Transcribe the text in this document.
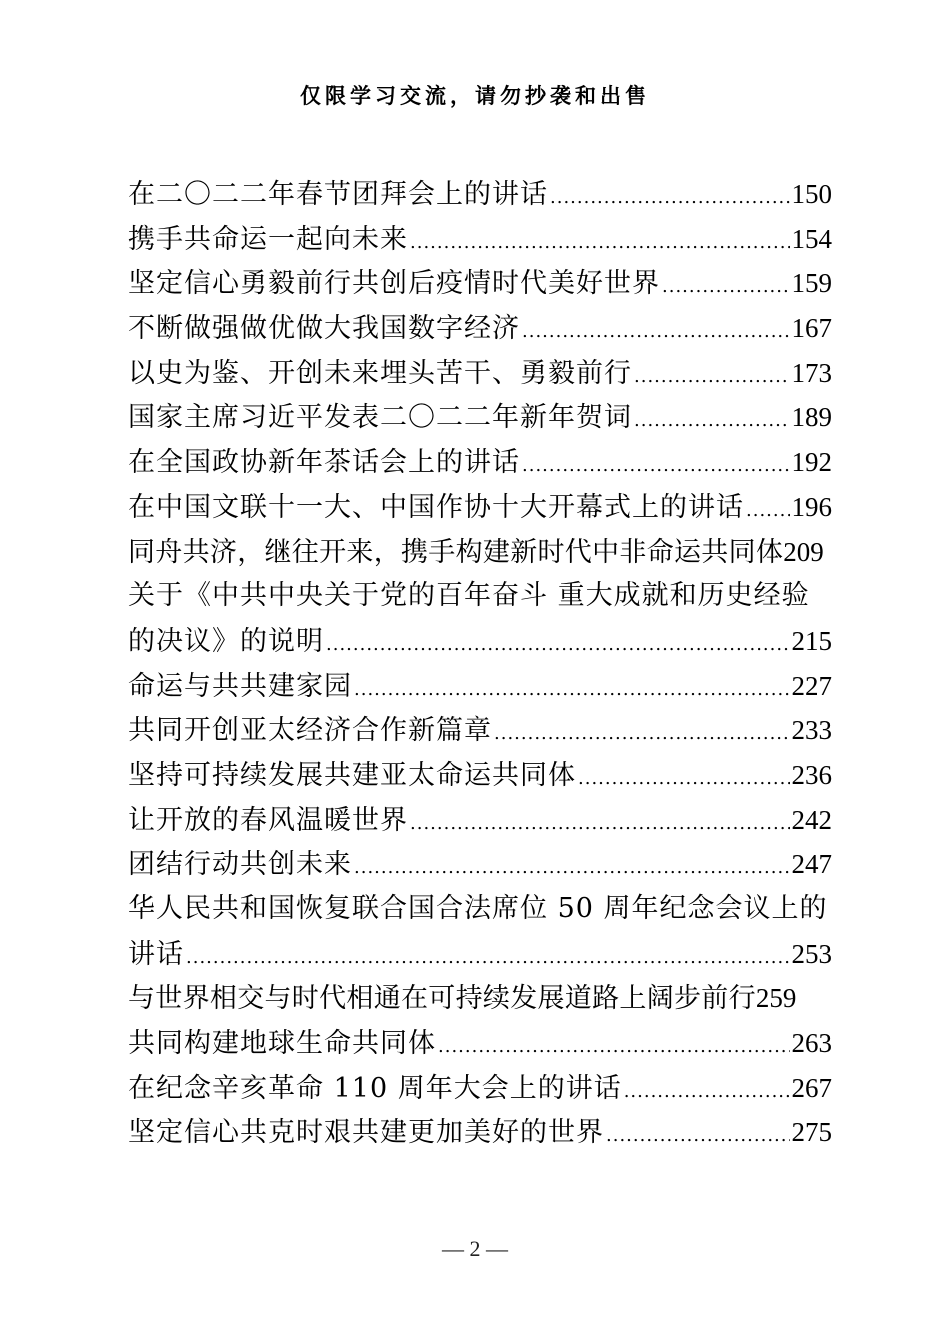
仅限学习交流，请勿抄袭和出售
在二〇二二年春节团拜会上的讲话 .....	150
携手共命运一起向未来 .....	154
坚定信心勇毅前行共创后疫情时代美好世界 .....	159
不断做强做优做大我国数字经济 .....	167
以史为鉴、开创未来埋头苦干、勇毅前行 .....	173
国家主席习近平发表二〇二二年新年贺词 .....	189
在全国政协新年茶话会上的讲话 .....	192
在中国文联十一大、中国作协十大开幕式上的讲话 ..... 196
同舟共济，继往开来，携手构建新时代中非命运共同体 209
关于《中共中央关于党的百年奋斗 重大成就和历史经验
的决议》的说明 .....	215
命运与共共建家园 .....	227
共同开创亚太经济合作新篇章 .....	233
坚持可持续发展共建亚太命运共同体 .....	236
让开放的春风温暖世界 .....	242
团结行动共创未来 .....	247
华人民共和国恢复联合国合法席位 50 周年纪念会议上的
讲话 .....	253
与世界相交与时代相通在可持续发展道路上阔步前行 259
共同构建地球生命共同体 .....	263
在纪念辛亥革命 110 周年大会上的讲话 .....	267
坚定信心共克时艰共建更加美好的世界 .....	275
— 2 —
